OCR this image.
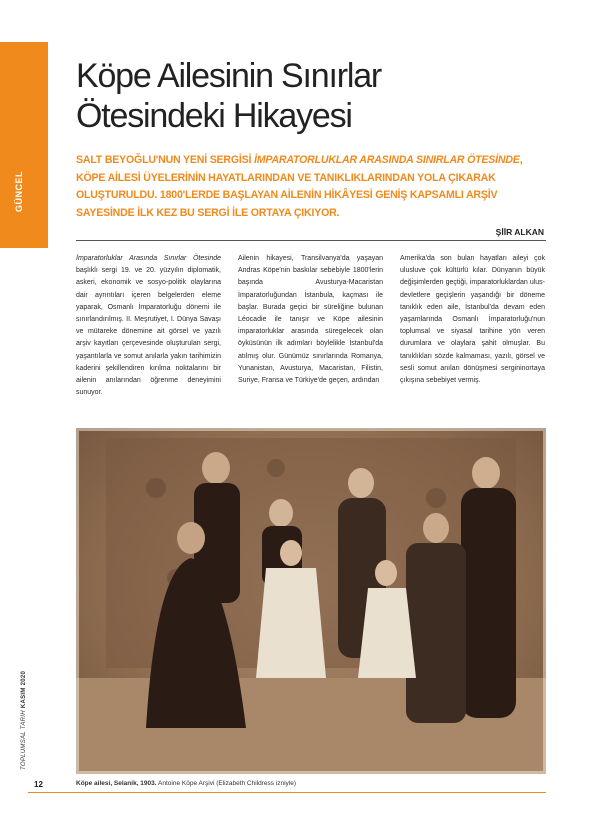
GÜNCEL
Köpe Ailesinin Sınırlar
Ötesindeki Hikayesi

SALT BEYOĞLU'NUN YENİ SERGİSİ İMPARATORLUKLAR ARASINDA SINIRLAR ÖTESİNDE, KÖPE AİLESİ ÜYELERİNİN HAYATLARINDAN VE TANIKLIKLARINDAN YOLA ÇIKARAK OLUŞTURULDU. 1800'LERDE BAŞLAYAN AİLENİN HİKÂYESİ GENİŞ KAPSAMLI ARŞİV SAYESİNDE İLK KEZ BU SERGİ İLE ORTAYA ÇIKIYOR.

ŞİİR ALKAN

İmparatorluklar Arasında Sınırlar Ötesinde başlıklı sergi 19. ve 20. yüzyılın diplomatik, askeri, ekonomik ve sosyo-politik olaylarına dair ayrıntıları içeren belgelerden eleme yaparak, Osmanlı İmparatorluğu dönemi ile sınırlandırılmış. II. Meşrutiyet, I. Dünya Savaşı ve mütareke dönemine ait görsel ve yazılı arşiv kayıtları çerçevesinde oluşturulan sergi, yaşantılarla ve somut anılarla yakın tarihimizin kaderini şekillendiren kırılma noktalarını bir ailenin anılarından öğrenme deneyimini sunuyor.

Ailenin hikayesi, Transilvanya'da yaşayan Andras Köpe'nin baskılar sebebiyle 1800'lerin başında Avusturya-Macaristan İmparatorluğundan İstanbula, kaçması ile başlar. Burada geçici bir süreliğine bulunan Léocadie ile tanışır ve Köpe ailesinin imparatorluklar arasında süregelecek olan öyküsünün ilk adımları böylelikle İstanbul'da atılmış olur. Günümüz sınırlarında Romanya, Yunanistan, Avusturya, Macaristan, Filistin, Suriye, Fransa ve Türkiye'de geçen, ardından

Amerika'da son bulan hayatları aileyi çok ulusluve çok kültürlü kılar. Dünyanın büyük değişimlerden geçtiği, imparatorluklardan ulus-devletlere geçişlerin yaşandığı bir döneme tanıklık eden aile, İstanbul'da devam eden yaşamlarında Osmanlı İmparatorluğu'nun toplumsal ve siyasal tarihine yön veren durumlara ve olaylara şahit olmuşlar. Bu tanıklıkları sözde kalmaması, yazılı, görsel ve sesli somut anıları dönüşmesi sergininortaya çıkışına sebebiyet vermiş.

Köpe ailesi, Selanik, 1903. Antoine Köpe Arşivi (Elizabeth Childress izniyle)
TOPLUMSAL TARİH KASIM 2020
12
